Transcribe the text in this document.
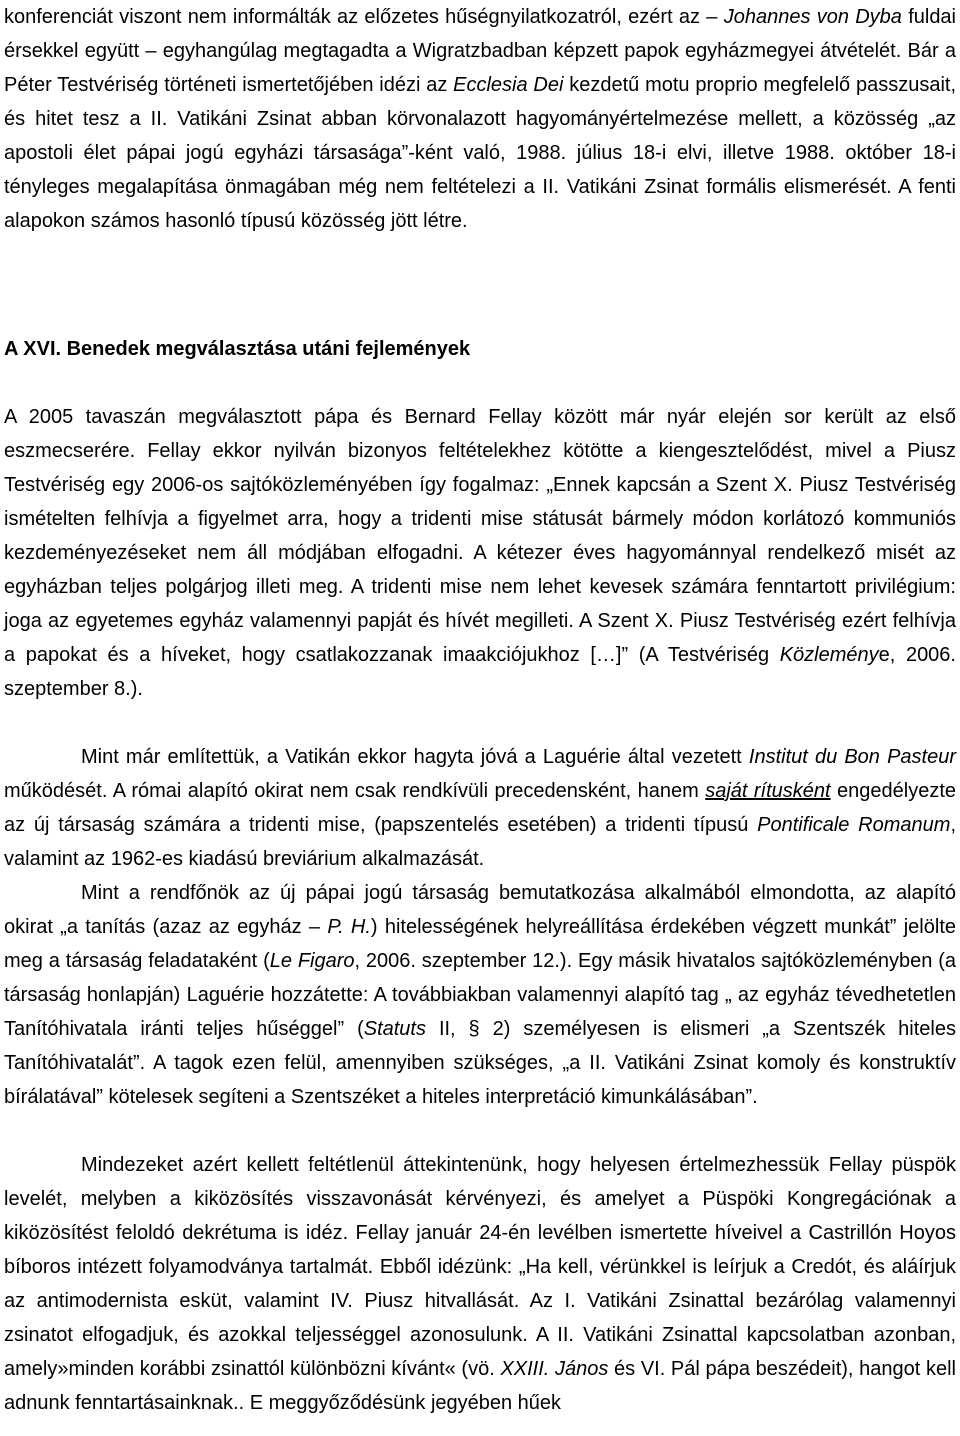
konferenciát viszont nem informálták az előzetes hűségnyilatkozatról, ezért az – Johannes von Dyba fuldai érsekkel együtt – egyhangúlag megtagadta a Wigratzbadban képzett papok egyházmegyei átvételét. Bár a Péter Testvériség történeti ismertetőjében idézi az Ecclesia Dei kezdetű motu proprio megfelelő passzusait, és hitet tesz a II. Vatikáni Zsinat abban körvonalazott hagyományértelmezése mellett, a közösség „az apostoli élet pápai jogú egyházi társasága”-ként való, 1988. július 18-i elvi, illetve 1988. október 18-i tényleges megalapítása önmagában még nem feltételezi a II. Vatikáni Zsinat formális elismerését. A fenti alapokon számos hasonló típusú közösség jött létre.

A XVI. Benedek megválasztása utáni fejlemények

A 2005 tavaszán megválasztott pápa és Bernard Fellay között már nyár elején sor került az első eszmecserére. Fellay ekkor nyilván bizonyos feltételekhez kötötte a kiengesztelődést, mivel a Piusz Testvériség egy 2006-os sajtóközleményében így fogalmaz: „Ennek kapcsán a Szent X. Piusz Testvériség ismételten felhívja a figyelmet arra, hogy a tridenti mise státusát bármely módon korlátozó kommuniós kezdeményezéseket nem áll módjában elfogadni. A kétezer éves hagyománnyal rendelkező misét az egyházban teljes polgárjog illeti meg. A tridenti mise nem lehet kevesek számára fenntartott privilégium: joga az egyetemes egyház valamennyi papját és hívét megilleti. A Szent X. Piusz Testvériség ezért felhívja a papokat és a híveket, hogy csatlakozzanak imaakciójukhoz […]” (A Testvériség Közleménye, 2006. szeptember 8.).

Mint már említettük, a Vatikán ekkor hagyta jóvá a Laguérie által vezetett Institut du Bon Pasteur működését. A római alapító okirat nem csak rendkívüli precedensként, hanem saját rítusként engedélyezte az új társaság számára a tridenti mise, (papszentelés esetében) a tridenti típusú Pontificale Romanum, valamint az 1962-es kiadású breviárium alkalmazását.

Mint a rendfőnök az új pápai jogú társaság bemutatkozása alkalmából elmondotta, az alapító okirat „a tanítás (azaz az egyház – P. H.) hitelességének helyreállítása érdekében végzett munkát” jelölte meg a társaság feladataként (Le Figaro, 2006. szeptember 12.). Egy másik hivatalos sajtóközleményben (a társaság honlapján) Laguérie hozzátette: A továbbiakban valamennyi alapító tag „ az egyház tévedhetetlen Tanítóhivatala iránti teljes hűséggel” (Statuts II, § 2) személyesen is elismeri „a Szentszék hiteles Tanítóhivatalát”. A tagok ezen felül, amennyiben szükséges, „a II. Vatikáni Zsinat komoly és konstruktív bírálatával” kötelesek segíteni a Szentszéket a hiteles interpretáció kimunkálásában”.

Mindezeket azért kellett feltétlenül áttekintenünk, hogy helyesen értelmezhessük Fellay püspök levelét, melyben a kiközösítés visszavonását kérvényezi, és amelyet a Püspöki Kongregációnak a kiközösítést feloldó dekrétuma is idéz. Fellay január 24-én levélben ismertette híveivel a Castrillón Hoyos bíboros intézett folyamodványa tartalmát. Ebből idézünk: „Ha kell, vérünkkel is leírjuk a Credót, és aláírjuk az antimodernista esküt, valamint IV. Piusz hitvallását. Az I. Vatikáni Zsinattal bezárólag valamennyi zsinatot elfogadjuk, és azokkal teljességgel azonosulunk. A II. Vatikáni Zsinattal kapcsolatban azonban, amely»minden korábbi zsinattól különbözni kívánt« (vö. XXIII. János és VI. Pál pápa beszédeit), hangot kell adnunk fenntartásainknak.. E meggyőződésünk jegyében hűek
